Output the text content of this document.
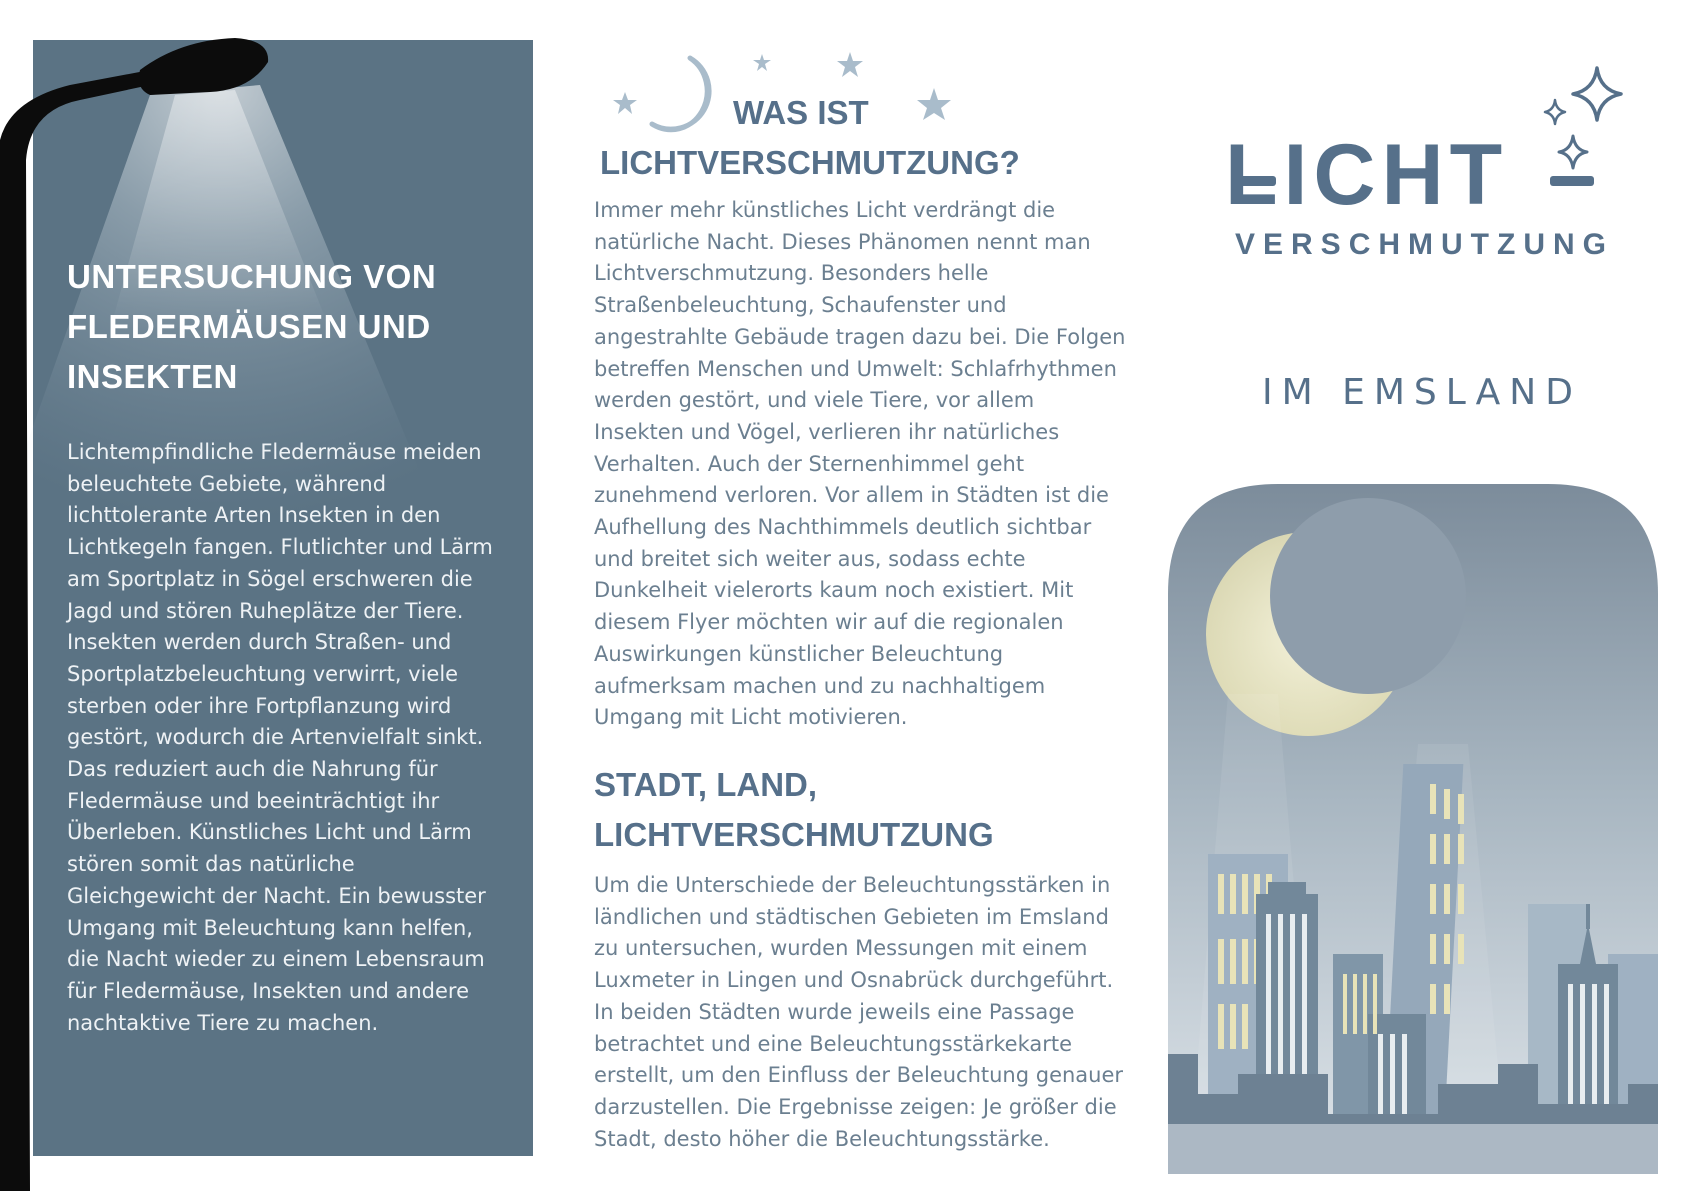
UNTERSUCHUNG VON
FLEDERMÄUSEN UND
INSEKTEN

Lichtempfindliche Fledermäuse meiden
beleuchtete Gebiete, während
lichttolerante Arten Insekten in den
Lichtkegeln fangen. Flutlichter und Lärm
am Sportplatz in Sögel erschweren die
Jagd und stören Ruheplätze der Tiere.
Insekten werden durch Straßen- und
Sportplatzbeleuchtung verwirrt, viele
sterben oder ihre Fortpflanzung wird
gestört, wodurch die Artenvielfalt sinkt.
Das reduziert auch die Nahrung für
Fledermäuse und beeinträchtigt ihr
Überleben. Künstliches Licht und Lärm
stören somit das natürliche
Gleichgewicht der Nacht. Ein bewusster
Umgang mit Beleuchtung kann helfen,
die Nacht wieder zu einem Lebensraum
für Fledermäuse, Insekten und andere
nachtaktive Tiere zu machen.

WAS IST
LICHTVERSCHMUTZUNG?

Immer mehr künstliches Licht verdrängt die
natürliche Nacht. Dieses Phänomen nennt man
Lichtverschmutzung. Besonders helle
Straßenbeleuchtung, Schaufenster und
angestrahlte Gebäude tragen dazu bei. Die Folgen
betreffen Menschen und Umwelt: Schlafrhythmen
werden gestört, und viele Tiere, vor allem
Insekten und Vögel, verlieren ihr natürliches
Verhalten. Auch der Sternenhimmel geht
zunehmend verloren. Vor allem in Städten ist die
Aufhellung des Nachthimmels deutlich sichtbar
und breitet sich weiter aus, sodass echte
Dunkelheit vielerorts kaum noch existiert. Mit
diesem Flyer möchten wir auf die regionalen
Auswirkungen künstlicher Beleuchtung
aufmerksam machen und zu nachhaltigem
Umgang mit Licht motivieren.

STADT, LAND,
LICHTVERSCHMUTZUNG

Um die Unterschiede der Beleuchtungsstärken in
ländlichen und städtischen Gebieten im Emsland
zu untersuchen, wurden Messungen mit einem
Luxmeter in Lingen und Osnabrück durchgeführt.
In beiden Städten wurde jeweils eine Passage
betrachtet und eine Beleuchtungsstärkekarte
erstellt, um den Einfluss der Beleuchtung genauer
darzustellen. Die Ergebnisse zeigen: Je größer die
Stadt, desto höher die Beleuchtungsstärke.

LICHT
VERSCHMUTZUNG
IM EMSLAND
